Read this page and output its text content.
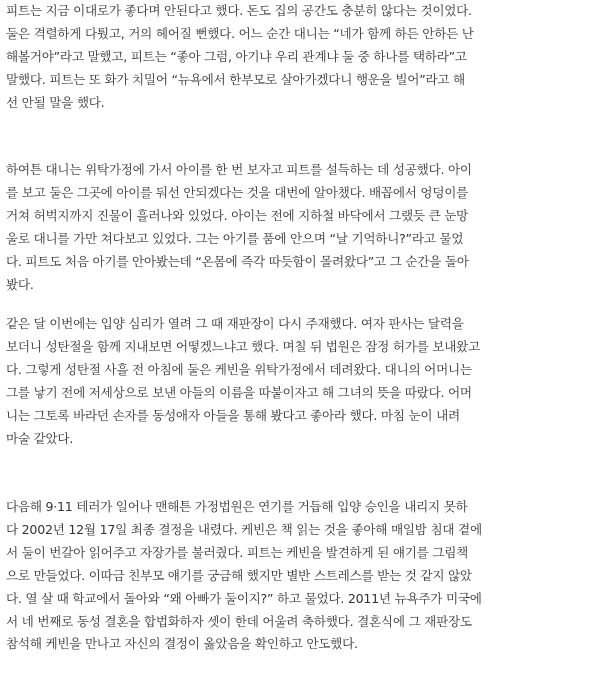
피트는 지금 이대로가 좋다며 안된다고 했다. 돈도 집의 공간도 충분히 않다는 것이었다.
둘은 격렬하게 다퉜고, 거의 헤어질 뻔했다. 어느 순간 대니는 “네가 함께 하든 안하든 난
해볼거야”라고 말했고, 피트는 “좋아 그럼, 아기냐 우리 관계냐 둘 중 하나를 택하라”고
말했다. 피트는 또 화가 치밀어 “뉴욕에서 한부모로 살아가겠다니 행운을 빌어”라고 해
선 안될 말을 했다.

하여튼 대니는 위탁가정에 가서 아이를 한 번 보자고 피트를 설득하는 데 성공했다. 아이
를 보고 둘은 그곳에 아이를 둬선 안되겠다는 것을 대번에 알아챘다. 배꼽에서 엉덩이를
거쳐 허벅지까지 진물이 흘러나와 있었다. 아이는 전에 지하철 바닥에서 그랬듯 큰 눈망
울로 대니를 가만 쳐다보고 있었다. 그는 아기를 품에 안으며 “날 기억하니?”라고 물었
다. 피트도 처음 아기를 안아봤는데 “온몸에 즉각 따듯함이 몰려왔다”고 그 순간을 돌아
봤다.

같은 달 이번에는 입양 심리가 열려 그 때 재판장이 다시 주재했다. 여자 판사는 달력을
보더니 성탄절을 함께 지내보면 어떻겠느냐고 했다. 며칠 뒤 법원은 잠정 허가를 보내왔고
다. 그렇게 성탄절 사흘 전 아침에 둘은 케빈을 위탁가정에서 데려왔다. 대니의 어머니는
그를 낳기 전에 저세상으로 보낸 아들의 이름을 따붙이자고 해 그녀의 뜻을 따랐다. 어머
니는 그토록 바라던 손자를 동성애자 아들을 통해 봤다고 좋아라 했다. 마침 눈이 내려
마술 같았다.

다음해 9·11 테러가 일어나 맨해튼 가정법원은 연기를 거듭해 입양 승인을 내리지 못하
다 2002년 12월 17일 최종 결정을 내렸다. 케빈은 책 읽는 것을 좋아해 매일밤 침대 곁에
서 둘이 번갈아 읽어주고 자장가를 불러줬다. 피트는 케빈을 발견하게 된 얘기를 그림책
으로 만들었다. 이따금 친부모 얘기를 궁금해 했지만 별반 스트레스를 받는 것 같지 않았
다. 열 살 때 학교에서 돌아와 “왜 아빠가 둘이지?” 하고 물었다. 2011년 뉴욕주가 미국에
서 네 번째로 동성 결혼을 합법화하자 셋이 한데 어울려 축하했다. 결혼식에 그 재판장도
참석해 케빈을 만나고 자신의 결정이 옳았음을 확인하고 안도했다.
